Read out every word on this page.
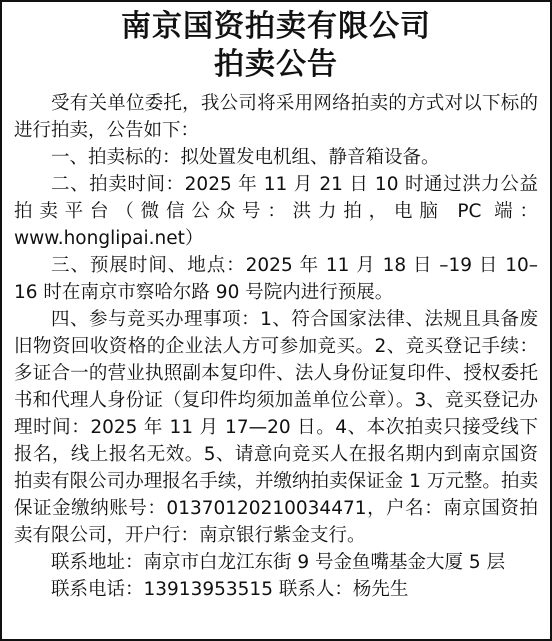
南京国资拍卖有限公司
拍卖公告

受有关单位委托，我公司将采用网络拍卖的方式对以下标的进行拍卖，公告如下：

一、拍卖标的：拟处置发电机组、静音箱设备。

二、拍卖时间：2025 年 11 月 21 日 10 时通过洪力公益拍卖平台（微信公众号：洪力拍，电脑 PC 端：www.honglipai.net）

三、预展时间、地点：2025 年 11 月 18 日 –19 日 10–16 时在南京市察哈尔路 90 号院内进行预展。

四、参与竞买办理事项：1、符合国家法律、法规且具备废旧物资回收资格的企业法人方可参加竞买。2、竞买登记手续：多证合一的营业执照副本复印件、法人身份证复印件、授权委托书和代理人身份证（复印件均须加盖单位公章）。3、竞买登记办理时间：2025 年 11 月 17—20 日。4、本次拍卖只接受线下报名，线上报名无效。5、请意向竞买人在报名期内到南京国资拍卖有限公司办理报名手续，并缴纳拍卖保证金 1 万元整。拍卖保证金缴纳账号：01370120210034471，户名：南京国资拍卖有限公司，开户行：南京银行紫金支行。

联系地址：南京市白龙江东街 9 号金鱼嘴基金大厦 5 层

联系电话：13913953515 联系人：杨先生
